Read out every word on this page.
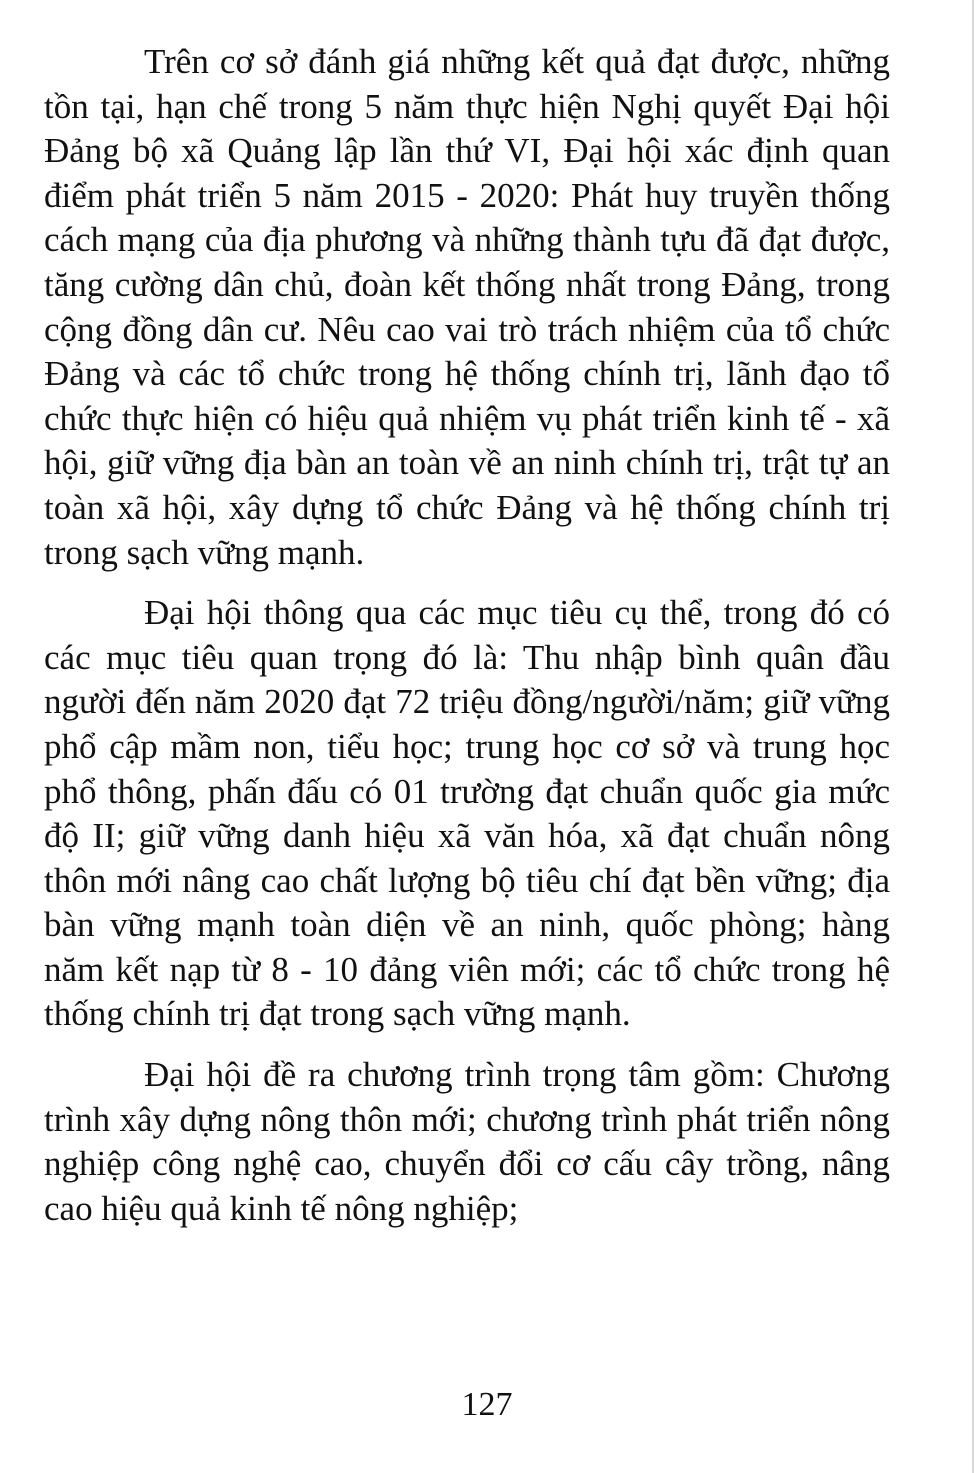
Trên cơ sở đánh giá những kết quả đạt được, những tồn tại, hạn chế trong 5 năm thực hiện Nghị quyết Đại hội Đảng bộ xã Quảng lập lần thứ VI, Đại hội xác định quan điểm phát triển 5 năm 2015 - 2020: Phát huy truyền thống cách mạng của địa phương và những thành tựu đã đạt được, tăng cường dân chủ, đoàn kết thống nhất trong Đảng, trong cộng đồng dân cư. Nêu cao vai trò trách nhiệm của tổ chức Đảng và các tổ chức trong hệ thống chính trị, lãnh đạo tổ chức thực hiện có hiệu quả nhiệm vụ phát triển kinh tế - xã hội, giữ vững địa bàn an toàn về an ninh chính trị, trật tự an toàn xã hội, xây dựng tổ chức Đảng và hệ thống chính trị trong sạch vững mạnh.

Đại hội thông qua các mục tiêu cụ thể, trong đó có các mục tiêu quan trọng đó là: Thu nhập bình quân đầu người đến năm 2020 đạt 72 triệu đồng/người/năm; giữ vững phổ cập mầm non, tiểu học; trung học cơ sở và trung học phổ thông, phấn đấu có 01 trường đạt chuẩn quốc gia mức độ II; giữ vững danh hiệu xã văn hóa, xã đạt chuẩn nông thôn mới nâng cao chất lượng bộ tiêu chí đạt bền vững; địa bàn vững mạnh toàn diện về an ninh, quốc phòng; hàng năm kết nạp từ 8 - 10 đảng viên mới; các tổ chức trong hệ thống chính trị đạt trong sạch vững mạnh.

Đại hội đề ra chương trình trọng tâm gồm: Chương trình xây dựng nông thôn mới; chương trình phát triển nông nghiệp công nghệ cao, chuyển đổi cơ cấu cây trồng, nâng cao hiệu quả kinh tế nông nghiệp;

127
